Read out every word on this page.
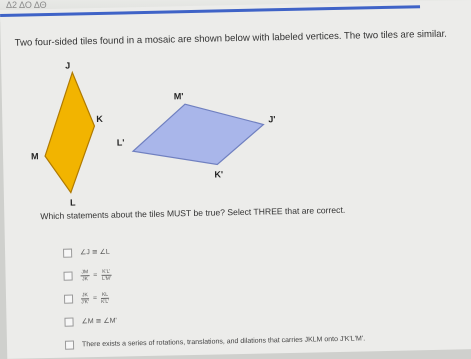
Δ2 ΔΟ ΔΘ
Two four-sided tiles found in a mosaic are shown below with labeled vertices. The two tiles are similar.
J
K
L
M
M'
J'
K'
L'
Which statements about the tiles MUST be true? Select THREE that are correct.
∠J ≅ ∠L
$\frac{JM}{JK} = \frac{K'L'}{L'M'}$
$\frac{JK}{J'K'} = \frac{KL}{K'L'}$
∠M ≅ ∠M'
There exists a series of rotations, translations, and dilations that carries JKLM onto J'K'L'M'.
